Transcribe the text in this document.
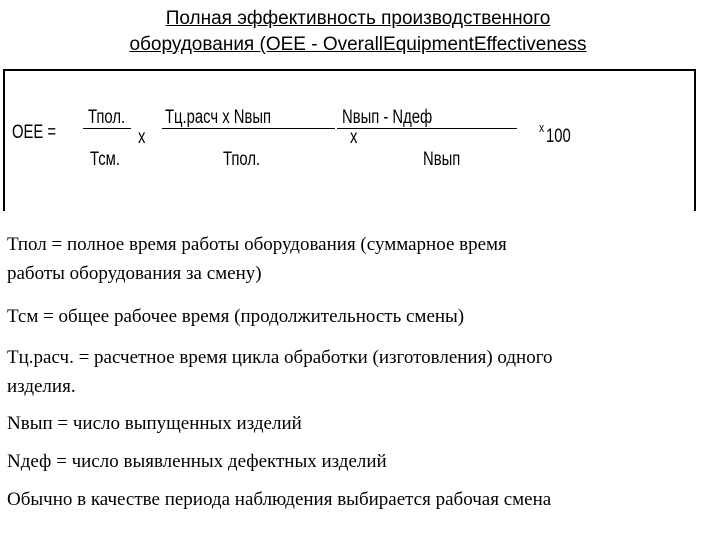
Полная эффективность производственного
оборудования (OEE - OverallEquipmentEffectiveness
OEE =
Тпол.
Тсм.
x
Тц.расч x Nвып
Тпол.
x
Nвып - Nдеф
Nвып
x 100
Тпол = полное время работы оборудования (суммарное время
работы оборудования за смену)
Тсм = общее рабочее время (продолжительность смены)
Тц.расч. = расчетное время цикла обработки (изготовления) одного
изделия.
Nвып = число выпущенных изделий
Nдеф = число выявленных дефектных изделий
Обычно в качестве периода наблюдения выбирается рабочая смена
